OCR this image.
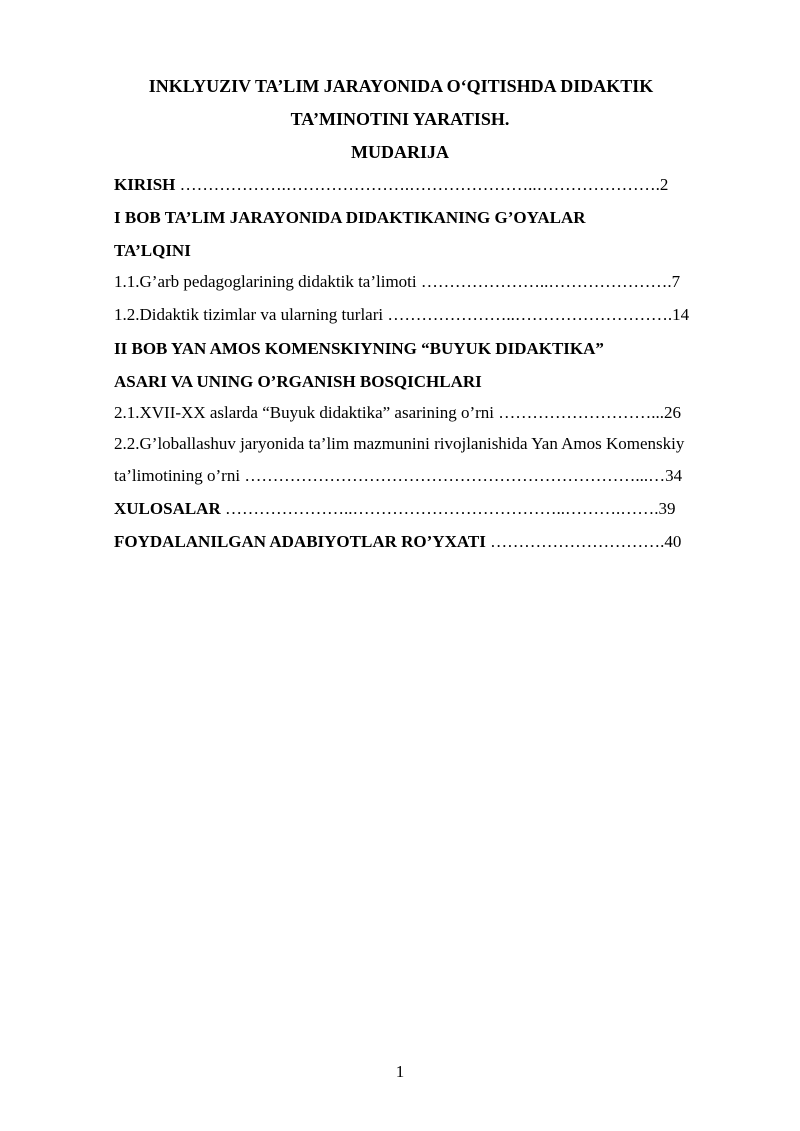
INKLYUZIV TA’LIM JARAYONIDA O‘QITISHDA DIDAKTIK
TA’MINOTINI YARATISH.
MUDARIJA
KIRISH ……………….………………….…………………..………………….2
I BOB TA’LIM JARAYONIDA DIDAKTIKANING G’OYALAR
TA’LQINI
1.1.G’arb pedagoglarining didaktik ta’limoti …………………..………………….7
1.2.Didaktik tizimlar va ularning turlari …………………..……………………….14
II BOB YAN AMOS KOMENSKIYNING “BUYUK DIDAKTIKA”
ASARI VA UNING O’RGANISH BOSQICHLARI
2.1.XVII-XX aslarda “Buyuk didaktika” asarining o’rni ………………………...26
2.2.G’loballashuv jaryonida ta’lim mazmunini rivojlanishida Yan Amos Komenskiy
ta’limotining o’rni ……………………………………………………………...…34
XULOSALAR …………………..………………………………..……….…….39
FOYDALANILGAN ADABIYOTLAR RO’YXATI ………………………….40
1
